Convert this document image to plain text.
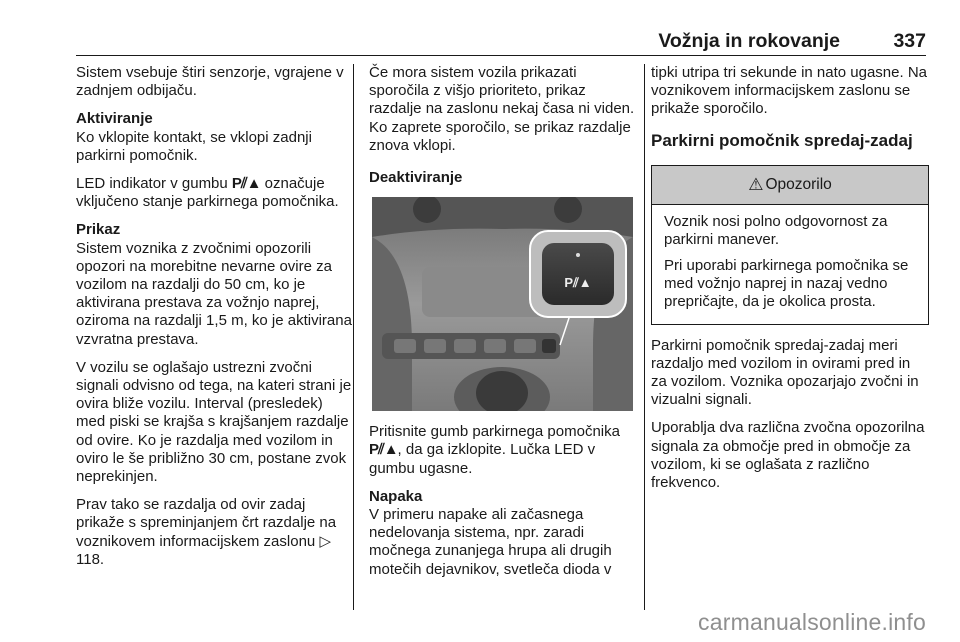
Vožnja in rokovanje	337

Sistem vsebuje štiri senzorje, vgrajene v zadnjem odbijaču.

Aktiviranje

Ko vklopite kontakt, se vklopi zadnji parkirni pomočnik.

LED indikator v gumbu P⫽▲ označuje vključeno stanje parkirnega pomočnika.

Prikaz

Sistem voznika z zvočnimi opozorili opozori na morebitne nevarne ovire za vozilom na razdalji do 50 cm, ko je aktivirana prestava za vožnjo naprej, oziroma na razdalji 1,5 m, ko je aktivirana vzvratna prestava.

V vozilu se oglašajo ustrezni zvočni signali odvisno od tega, na kateri strani je ovira bliže vozilu. Interval (presledek) med piski se krajša s krajšanjem razdalje od ovire. Ko je razdalja med vozilom in oviro le še približno 30 cm, postane zvok neprekinjen.

Prav tako se razdalja od ovir zadaj prikaže s spreminjanjem črt razdalje na voznikovem informacijskem zaslonu ▷ 118.

Če mora sistem vozila prikazati sporočila z višjo prioriteto, prikaz razdalje na zaslonu nekaj časa ni viden. Ko zaprete sporočilo, se prikaz razdalje znova vklopi.

Deaktiviranje
P⫽▲

Pritisnite gumb parkirnega pomočnika P⫽▲, da ga izklopite. Lučka LED v gumbu ugasne.

Napaka

V primeru napake ali začasnega nedelovanja sistema, npr. zaradi močnega zunanjega hrupa ali drugih motečih dejavnikov, svetleča dioda v

tipki utripa tri sekunde in nato ugasne. Na voznikovem informacijskem zaslonu se prikaže sporočilo.

Parkirni pomočnik spredaj-zadaj
⚠ Opozorilo

Voznik nosi polno odgovornost za parkirni manever.

Pri uporabi parkirnega pomočnika se med vožnjo naprej in nazaj vedno prepričajte, da je okolica prosta.

Parkirni pomočnik spredaj-zadaj meri razdaljo med vozilom in ovirami pred in za vozilom. Voznika opozarjajo zvočni in vizualni signali.

Uporablja dva različna zvočna opozorilna signala za območje pred in območje za vozilom, ki se oglašata z različno frekvenco.

carmanualsonline.info
